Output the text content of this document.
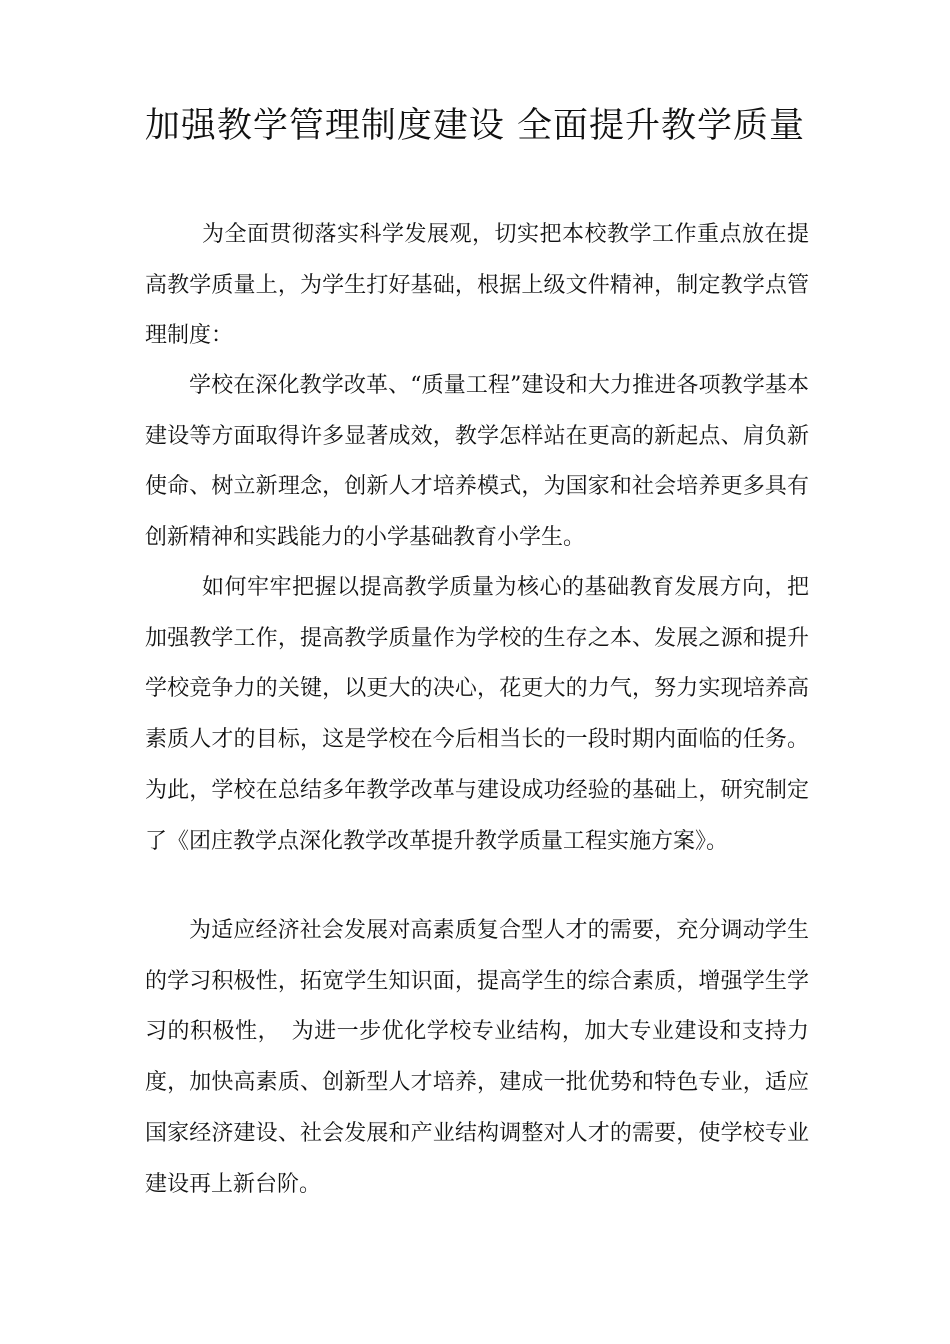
加强教学管理制度建设 全面提升教学质量

为全面贯彻落实科学发展观，切实把本校教学工作重点放在提高教学质量上，为学生打好基础，根据上级文件精神，制定教学点管理制度：

学校在深化教学改革、“质量工程”建设和大力推进各项教学基本建设等方面取得许多显著成效，教学怎样站在更高的新起点、肩负新使命、树立新理念，创新人才培养模式，为国家和社会培养更多具有创新精神和实践能力的小学基础教育小学生。

如何牢牢把握以提高教学质量为核心的基础教育发展方向，把加强教学工作，提高教学质量作为学校的生存之本、发展之源和提升学校竞争力的关键，以更大的决心，花更大的力气，努力实现培养高素质人才的目标，这是学校在今后相当长的一段时期内面临的任务。为此，学校在总结多年教学改革与建设成功经验的基础上，研究制定了《团庄教学点深化教学改革提升教学质量工程实施方案》。

为适应经济社会发展对高素质复合型人才的需要，充分调动学生的学习积极性，拓宽学生知识面，提高学生的综合素质，增强学生学习的积极性，　为进一步优化学校专业结构，加大专业建设和支持力度，加快高素质、创新型人才培养，建成一批优势和特色专业，适应国家经济建设、社会发展和产业结构调整对人才的需要，使学校专业建设再上新台阶。
